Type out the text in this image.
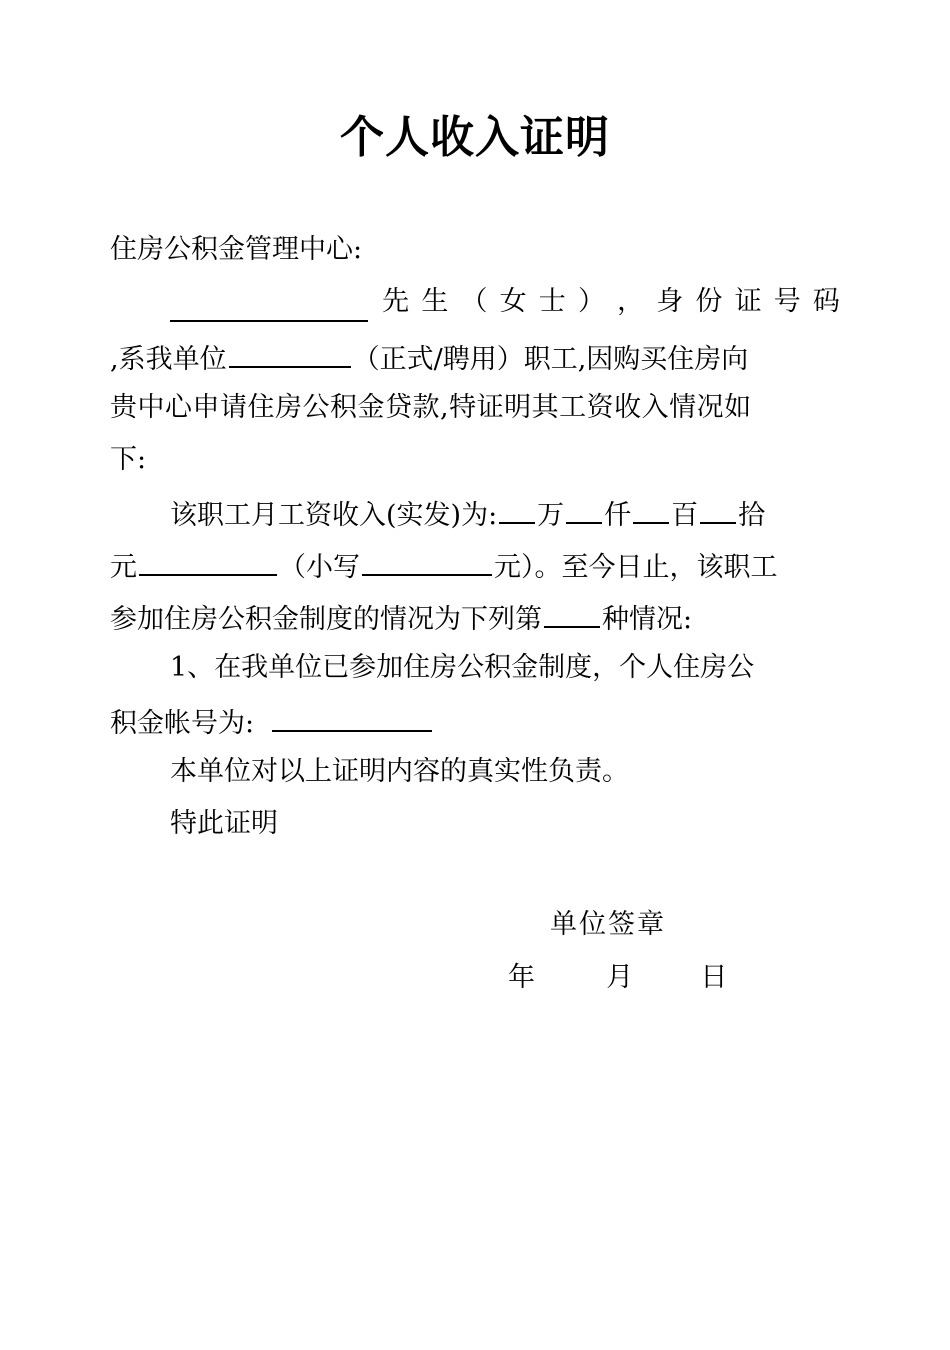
个人收入证明
住房公积金管理中心:
先 生 （ 女 士 ） ， 身 份 证 号 码
,系我单位	（正式/聘用）职工,因购买住房向
贵中心申请住房公积金贷款,特证明其工资收入情况如
下:
该职工月工资收入(实发)为: 万 仟 百 拾
元	（小写	元）。至今日止，该职工
参加住房公积金制度的情况为下列第 种情况:
1、在我单位已参加住房公积金制度，个人住房公
积金帐号为:
本单位对以上证明内容的真实性负责。
特此证明
单位签章
年	月 日
